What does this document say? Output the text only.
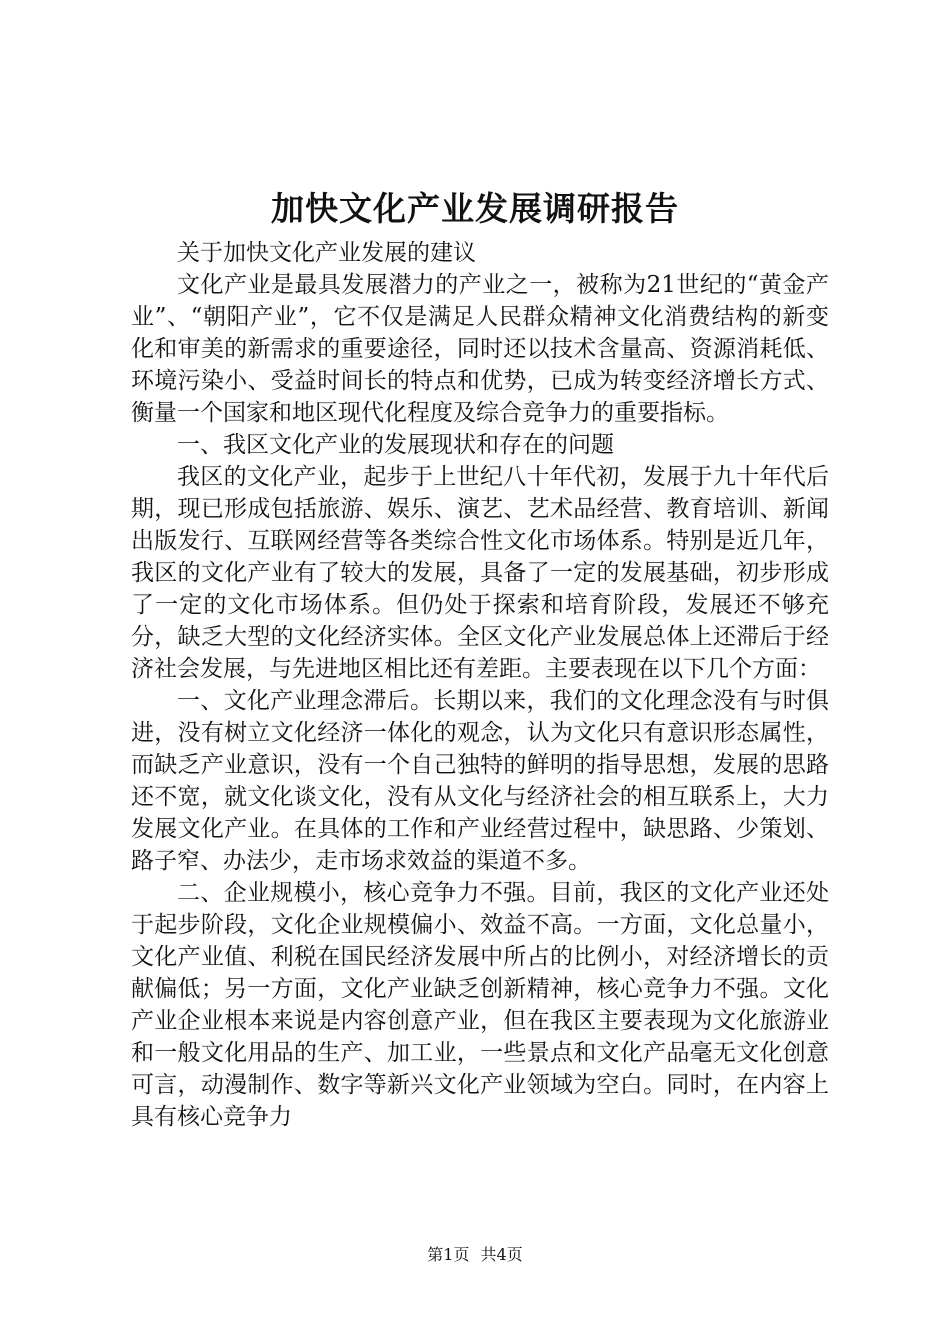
加快文化产业发展调研报告

关于加快文化产业发展的建议

文化产业是最具发展潜力的产业之一，被称为21世纪的“黄金产业”、“朝阳产业”，它不仅是满足人民群众精神文化消费结构的新变化和审美的新需求的重要途径，同时还以技术含量高、资源消耗低、环境污染小、受益时间长的特点和优势，已成为转变经济增长方式、衡量一个国家和地区现代化程度及综合竞争力的重要指标。

一、我区文化产业的发展现状和存在的问题

我区的文化产业，起步于上世纪八十年代初，发展于九十年代后期，现已形成包括旅游、娱乐、演艺、艺术品经营、教育培训、新闻出版发行、互联网经营等各类综合性文化市场体系。特别是近几年，我区的文化产业有了较大的发展，具备了一定的发展基础，初步形成了一定的文化市场体系。但仍处于探索和培育阶段，发展还不够充分，缺乏大型的文化经济实体。全区文化产业发展总体上还滞后于经济社会发展，与先进地区相比还有差距。主要表现在以下几个方面：

一、文化产业理念滞后。长期以来，我们的文化理念没有与时俱进，没有树立文化经济一体化的观念，认为文化只有意识形态属性，而缺乏产业意识，没有一个自己独特的鲜明的指导思想，发展的思路还不宽，就文化谈文化，没有从文化与经济社会的相互联系上，大力发展文化产业。在具体的工作和产业经营过程中，缺思路、少策划、路子窄、办法少，走市场求效益的渠道不多。

二、企业规模小，核心竞争力不强。目前，我区的文化产业还处于起步阶段，文化企业规模偏小、效益不高。一方面，文化总量小，文化产业值、利税在国民经济发展中所占的比例小，对经济增长的贡献偏低；另一方面，文化产业缺乏创新精神，核心竞争力不强。文化产业企业根本来说是内容创意产业，但在我区主要表现为文化旅游业和一般文化用品的生产、加工业，一些景点和文化产品毫无文化创意可言，动漫制作、数字等新兴文化产业领域为空白。同时，在内容上具有核心竞争力

第1页 共4页
